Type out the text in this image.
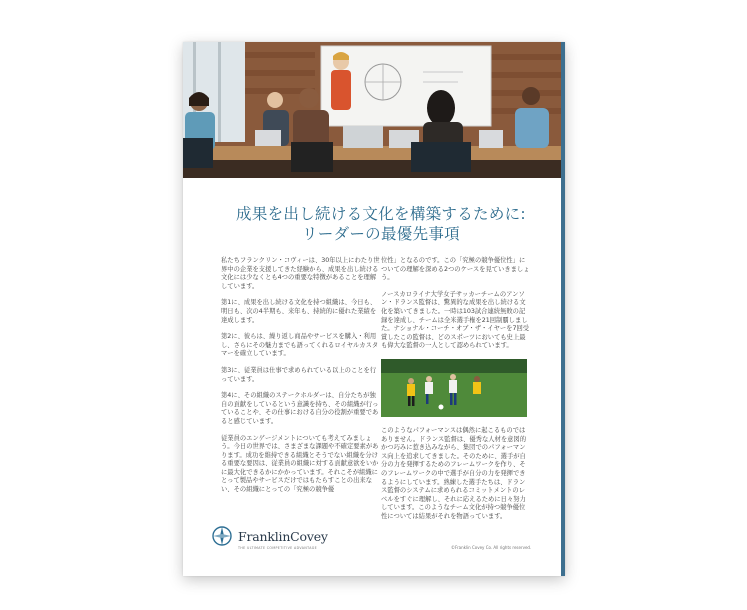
成果を出し続ける文化を構築するために:
リーダーの最優先事項

私たちフランクリン・コヴィーは、30年以上にわたり世界中の企業を支援してきた経験から、成果を出し続ける文化には少なくとも4つの重要な特徴があることを理解しています。

第1に、成果を出し続ける文化を持つ組織は、今日も、明日も、次の4半期も、来年も、持続的に優れた業績を達成します。

第2に、彼らは、繰り返し商品やサービスを購入・利用し、さらにその魅力までも語ってくれるロイヤルカスタマーを確立しています。

第3に、従業員は仕事で求められている以上のことを行っています。

第4に、その組織のステークホルダーは、自分たちが独自の貢献をしているという意識を持ち、その組織が行っていることや、その仕事における自分の役割が重要であると感じています。

従業員のエンゲージメントについても考えてみましょう。今日の世界では、さまざまな課題や不確定要素があります。成功を維持できる組織とそうでない組織を分ける重要な要因は、従業員の組織に対する貢献意欲をいかに最大化できるかにかかっています。それこそが組織にとって製品やサービスだけではもたらすことの出来ない、その組織にとっての「究極の競争優

位性」となるのです。この「究極の競争優位性」についての理解を深める2つのケースを見ていきましょう。

ノースカロライナ大学女子サッカーチームのアンソン・ドランス監督は、驚異的な成果を出し続ける文化を築いてきました。一時は103試合連続無敗の記録を達成し、チームは全米選手権を21回制覇しました。ナショナル・コーチ・オブ・ザ・イヤーを7回受賞したこの監督は、どのスポーツにおいても史上最も偉大な監督の一人として認められています。

このようなパフォーマンスは偶然に起こるものではありません。ドランス監督は、優秀な人材を意図的かつ巧みに惹き込みながら、集団でのパフォーマンス向上を追求してきました。そのために、選手が自分の力を発揮するためのフレームワークを作り、そのフレームワークの中で選手が自分の力を発揮できるようにしています。熟練した選手たちは、ドランス監督のシステムに求められるコミットメントのレベルをすぐに理解し、それに応えるために日々努力しています。このようなチーム文化が持つ競争優位性については結果がそれを物語っています。

FranklinCovey
THE ULTIMATE COMPETITIVE ADVANTAGE	©Franklin Covey Co. All rights reserved.
